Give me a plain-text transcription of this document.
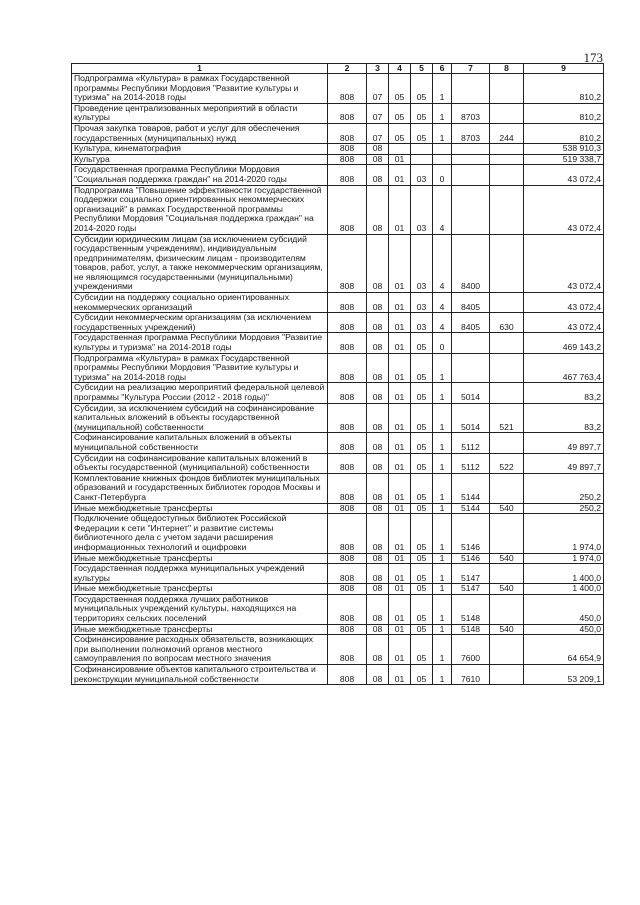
173
1	2	3	4	5	6	7	8	9
Подпрограмма «Культура» в рамках Государственной программы Республики Мордовия "Развитие культуры и туризма" на 2014-2018 годы	808	07	05	05	1			810,2
Проведение централизованных мероприятий в области культуры	808	07	05	05	1	8703		810,2
Прочая закупка товаров, работ и услуг для обеспечения государственных (муниципальных) нужд	808	07	05	05	1	8703	244	810,2
Культура, кинематография	808	08						538 910,3
Культура	808	08	01					519 338,7
Государственная программа Республики Мордовия "Социальная поддержка граждан" на 2014-2020 годы	808	08	01	03	0			43 072,4
Подпрограмма "Повышение эффективности государственной поддержки социально ориентированных некоммерческих организаций" в рамках Государственной программы Республики Мордовия "Социальная поддержка граждан" на 2014-2020 годы	808	08	01	03	4			43 072,4
Субсидии юридическим лицам (за исключением субсидий государственным учреждениям), индивидуальным предпринимателям, физическим лицам - производителям товаров, работ, услуг, а также некоммерческим организациям, не являющимся государственными (муниципальными) учреждениями	808	08	01	03	4	8400		43 072,4
Субсидии на поддержку социально ориентированных некоммерческих организаций	808	08	01	03	4	8405		43 072,4
Субсидии некоммерческим организациям (за исключением государственных учреждений)	808	08	01	03	4	8405	630	43 072,4
Государственная программа Республики Мордовия "Развитие культуры и туризма" на 2014-2018 годы	808	08	01	05	0			469 143,2
Подпрограмма «Культура» в рамках Государственной программы Республики Мордовия "Развитие культуры и туризма" на 2014-2018 годы	808	08	01	05	1			467 763,4
Субсидии на реализацию мероприятий федеральной целевой программы "Культура России (2012 - 2018 годы)"	808	08	01	05	1	5014		83,2
Субсидии, за исключением субсидий на софинансирование капитальных вложений в объекты государственной (муниципальной) собственности	808	08	01	05	1	5014	521	83,2
Софинансирование капитальных вложений в объекты муниципальной собственности	808	08	01	05	1	5112		49 897,7
Субсидии на софинансирование капитальных вложений в объекты государственной (муниципальной) собственности	808	08	01	05	1	5112	522	49 897,7
Комплектование книжных фондов библиотек муниципальных образований и государственных библиотек городов Москвы и Санкт-Петербурга	808	08	01	05	1	5144		250,2
Иные межбюджетные трансферты	808	08	01	05	1	5144	540	250,2
Подключение общедоступных библиотек Российской Федерации к сети "Интернет" и развитие системы библиотечного дела с учетом задачи расширения информационных технологий и оцифровки	808	08	01	05	1	5146		1 974,0
Иные межбюджетные трансферты	808	08	01	05	1	5146	540	1 974,0
Государственная поддержка муниципальных учреждений культуры	808	08	01	05	1	5147		1 400,0
Иные межбюджетные трансферты	808	08	01	05	1	5147	540	1 400,0
Государственная поддержка лучших работников муниципальных учреждений культуры, находящихся на территориях сельских поселений	808	08	01	05	1	5148		450,0
Иные межбюджетные трансферты	808	08	01	05	1	5148	540	450,0
Софинансирование расходных обязательств, возникающих при выполнении полномочий органов местного самоуправления по вопросам местного значения	808	08	01	05	1	7600		64 654,9
Софинансирование объектов капитального строительства и реконструкции муниципальной собственности	808	08	01	05	1	7610		53 209,1
